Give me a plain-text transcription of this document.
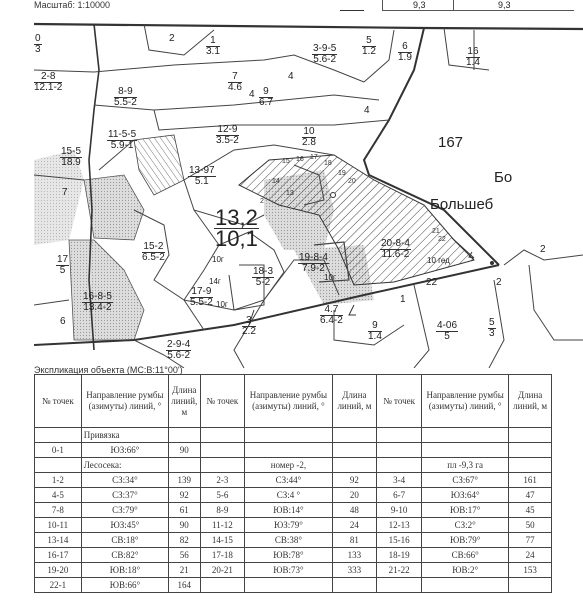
Масштаб: 1:10000	9,3	9,3
167
Бо
Большеб
13,2
10,1
0
3
2	1
3.1	3-9-5
5.6-2
5
1.2	6
1.9
16
1.4
2-8
12.1-2
7
4.6
8-9
5.5-2
9
6.7
11-5-5
5.9-1
12-9
3.5-2
10
2.8
15-5
18.9
13-97
5.1
15-2
6.5-2
18-3
5-2
19-8-4
7.9-2
20-8-4
11.6-2
17-9
5.5-2
16-8-5
13.4-2	4.7
6.4-2	9
1.4
4-06
5
5
3
2-9-4
5.6-2
3
2.2
17
5
10г
14г
10г
10г
10 гед
4
4
4
7
6
1
2
22
2
15 16 17
18
19
20
14
21
22
13
2
Экспликация объекта (МС:В:11°00')
№ точек	Направление румбы (азимуты) линий, °	Длина линий, м	№ точек	Направление румбы (азимуты) линий, °	Длина линий, м	№ точек	Направление румбы (азимуты) линий, °	Длина линий, м
	Привязка							
0-1	ЮЗ:66°	90						
	Лесосека:			номер -2,			пл -9,3 га	
1-2	СЗ:34°	139	2-3	СЗ:44°	92	3-4	СЗ:67°	161
4-5	СЗ:37°	92	5-6	СЗ:4 °	20	6-7	ЮЗ:64°	47
7-8	СЗ:79°	61	8-9	ЮВ:14°	48	9-10	ЮВ:17°	45
10-11	ЮЗ:45°	90	11-12	ЮЗ:79°	24	12-13	СЗ:2°	50
13-14	СВ:18°	82	14-15	СВ:38°	81	15-16	ЮВ:79°	77
16-17	СВ:82°	56	17-18	ЮВ:78°	133	18-19	СВ:66°	24
19-20	ЮВ:18°	21	20-21	ЮВ:73°	333	21-22	ЮВ:2°	153
22-1	ЮВ:66°	164						
